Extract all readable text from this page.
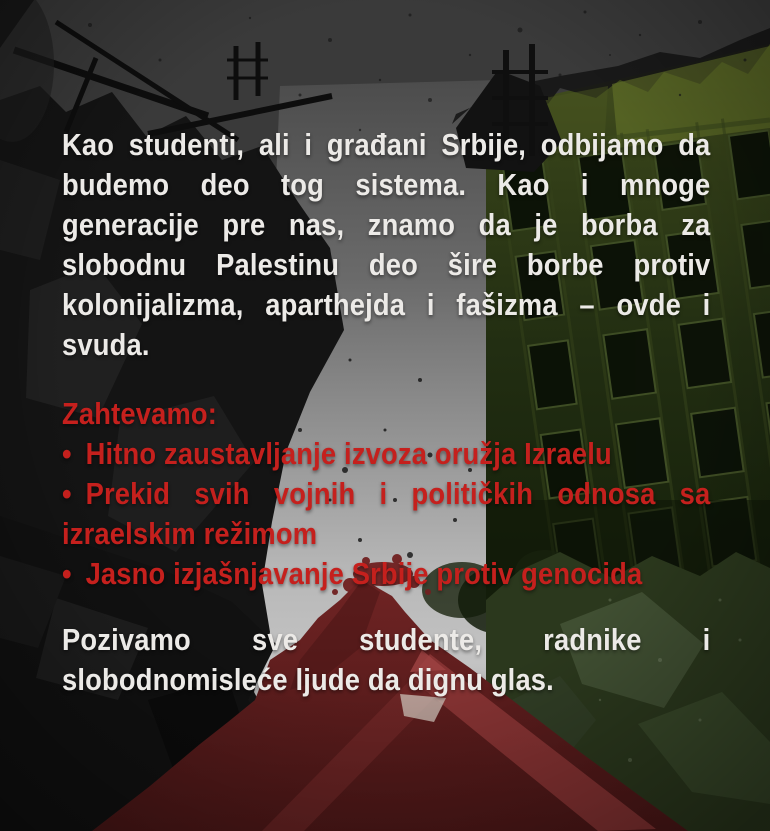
Kao studenti, ali i građani Srbije, odbijamo da
budemo deo tog sistema. Kao i mnoge
generacije pre nas, znamo da je borba za
slobodnu Palestinu deo šire borbe protiv
kolonijalizma, aparthejda i fašizma – ovde i
svuda.
Zahtevamo:
• Hitno zaustavljanje izvoza oružja Izraelu
• Prekid svih vojnih i političkih odnosa sa
izraelskim režimom
• Jasno izjašnjavanje Srbije protiv genocida
Pozivamo sve studente, radnike i
slobodnomisleće ljude da dignu glas.
